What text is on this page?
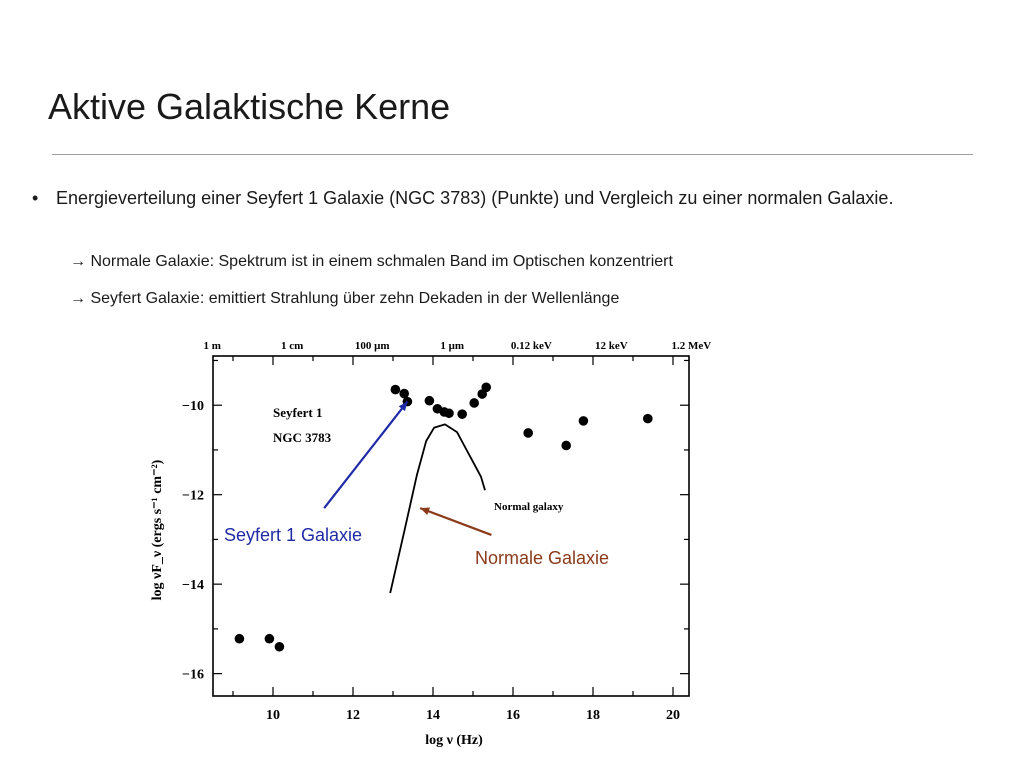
Aktive Galaktische Kerne
• Energieverteilung einer Seyfert 1 Galaxie (NGC 3783) (Punkte) und Vergleich zu einer normalen Galaxie.
→ Normale Galaxie: Spektrum ist in einem schmalen Band im Optischen konzentriert
→ Seyfert Galaxie: emittiert Strahlung über zehn Dekaden in der Wellenlänge
10	12	14	16	18	20
−10
−12
−14
−16
1 m	1 cm	100 μm	1 μm	0.12 keV	12 keV	1.2 MeV
log ν (Hz)
log νF_ν (ergs s⁻¹ cm⁻²)
Seyfert 1
NGC 3783
Normal galaxy
Seyfert 1 Galaxie
Normale Galaxie
